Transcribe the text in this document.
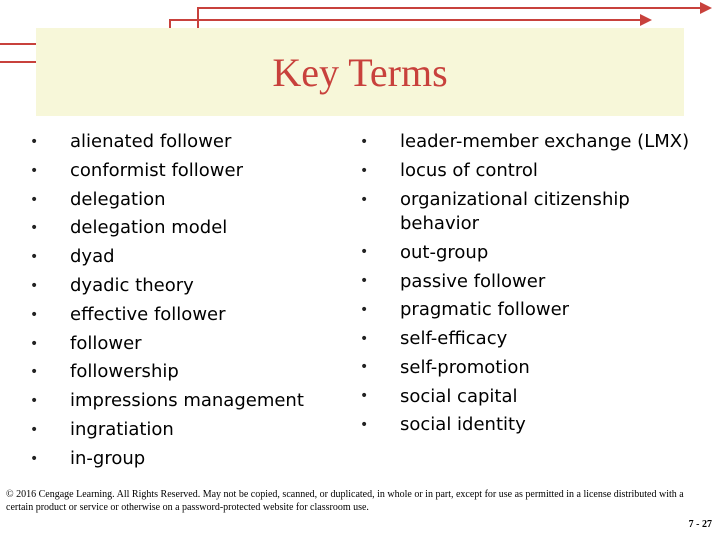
Key Terms
• alienated follower
• conformist follower
• delegation
• delegation model
• dyad
• dyadic theory
• effective follower
• follower
• followership
• impressions management
• ingratiation
• in-group
• leader-member exchange (LMX)
• locus of control
• organizational citizenship behavior
• out-group
• passive follower
• pragmatic follower
• self-efficacy
• self-promotion
• social capital
• social identity
© 2016 Cengage Learning. All Rights Reserved. May not be copied, scanned, or duplicated, in whole or in part, except for use as permitted in a license distributed with a certain product or service or otherwise on a password-protected website for classroom use.
7 - 27
